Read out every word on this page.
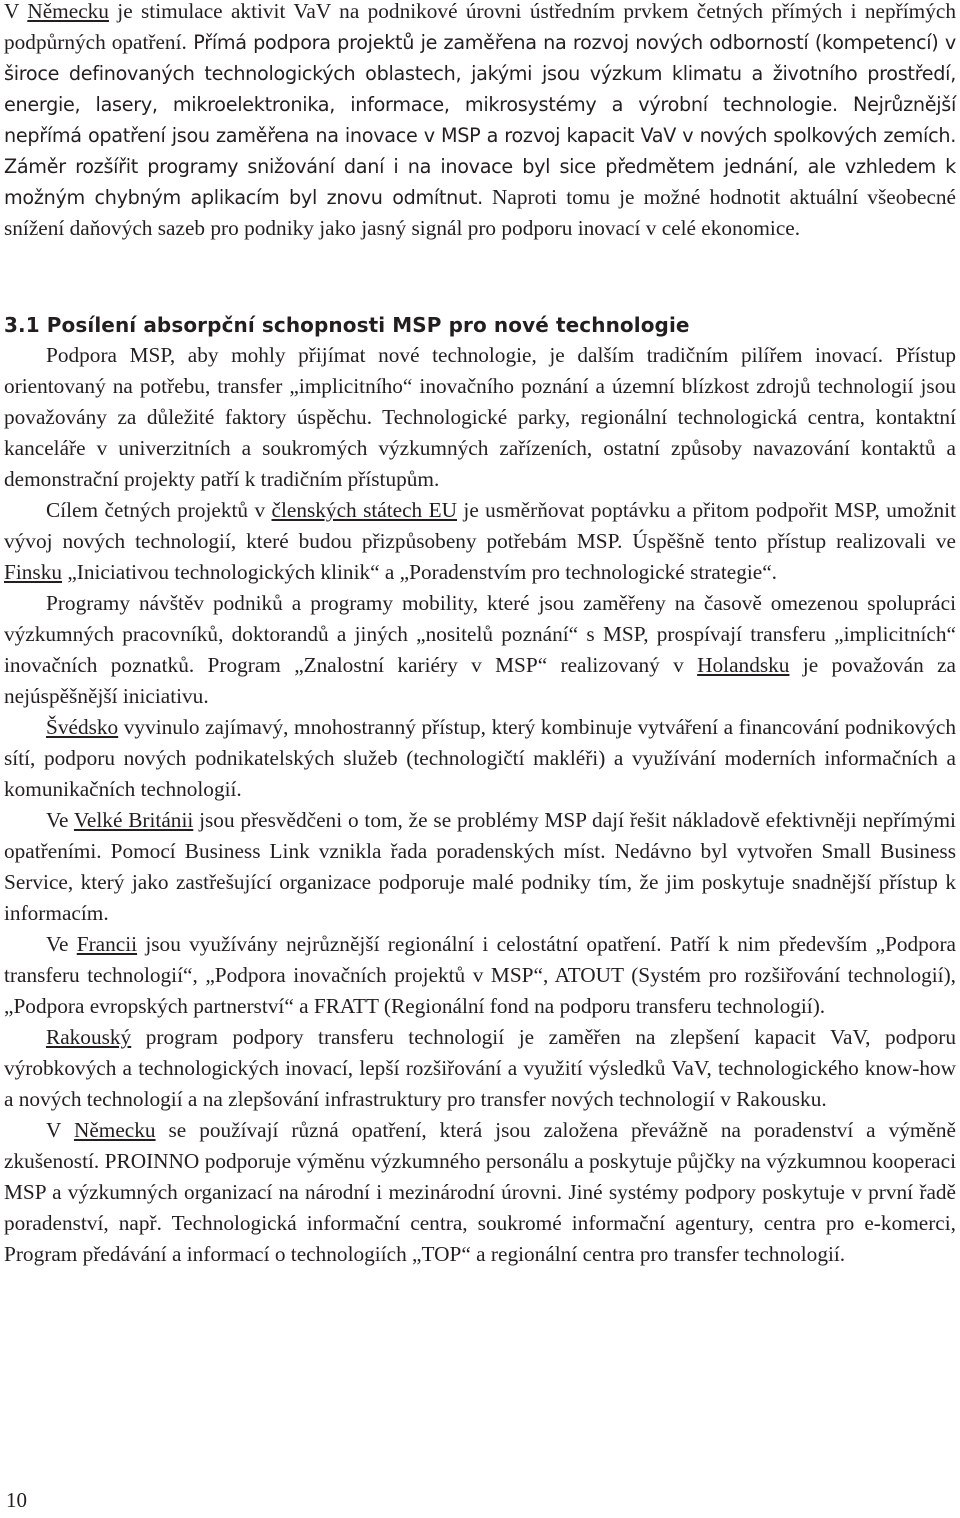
V Německu je stimulace aktivit VaV na podnikové úrovni ústředním prvkem četných přímých i nepřímých podpůrných opatření. Přímá podpora projektů je zaměřena na rozvoj nových odborností (kompetencí) v široce definovaných technologických oblastech, jakými jsou výzkum klimatu a životního prostředí, energie, lasery, mikroelektronika, informace, mikrosystémy a výrobní technologie. Nejrůznější nepřímá opatření jsou zaměřena na inovace v MSP a rozvoj kapacit VaV v nových spolkových zemích. Záměr rozšířit programy snižování daní i na inovace byl sice předmětem jednání, ale vzhledem k možným chybným aplikacím byl znovu odmítnut. Naproti tomu je možné hodnotit aktuální všeobecné snížení daňových sazeb pro podniky jako jasný signál pro podporu inovací v celé ekonomice.

3.1 Posílení absorpční schopnosti MSP pro nové technologie

Podpora MSP, aby mohly přijímat nové technologie, je dalším tradičním pilířem inovací. Přístup orientovaný na potřebu, transfer „implicitního“ inovačního poznání a územní blízkost zdrojů technologií jsou považovány za důležité faktory úspěchu. Technologické parky, regionální technologická centra, kontaktní kanceláře v univerzitních a soukromých výzkumných zařízeních, ostatní způsoby navazování kontaktů a demonstrační projekty patří k tradičním přístupům.

Cílem četných projektů v členských státech EU je usměrňovat poptávku a přitom podpořit MSP, umožnit vývoj nových technologií, které budou přizpůsobeny potřebám MSP. Úspěšně tento přístup realizovali ve Finsku „Iniciativou technologických klinik“ a „Poradenstvím pro technologické strategie“.

Programy návštěv podniků a programy mobility, které jsou zaměřeny na časově omezenou spolupráci výzkumných pracovníků, doktorandů a jiných „nositelů poznání“ s MSP, prospívají transferu „implicitních“ inovačních poznatků. Program „Znalostní kariéry v MSP“ realizovaný v Holandsku je považován za nejúspěšnější iniciativu.

Švédsko vyvinulo zajímavý, mnohostranný přístup, který kombinuje vytváření a financování podnikových sítí, podporu nových podnikatelských služeb (technologičtí makléři) a využívání moderních informačních a komunikačních technologií.

Ve Velké Británii jsou přesvědčeni o tom, že se problémy MSP dají řešit nákladově efektivněji nepřímými opatřeními. Pomocí Business Link vznikla řada poradenských míst. Nedávno byl vytvořen Small Business Service, který jako zastřešující organizace podporuje malé podniky tím, že jim poskytuje snadnější přístup k informacím.

Ve Francii jsou využívány nejrůznější regionální i celostátní opatření. Patří k nim především „Podpora transferu technologií“, „Podpora inovačních projektů v MSP“, ATOUT (Systém pro rozšiřování technologií), „Podpora evropských partnerství“ a FRATT (Regionální fond na podporu transferu technologií).

Rakouský program podpory transferu technologií je zaměřen na zlepšení kapacit VaV, podporu výrobkových a technologických inovací, lepší rozšiřování a využití výsledků VaV, technologického know-how a nových technologií a na zlepšování infrastruktury pro transfer nových technologií v Rakousku.

V Německu se používají různá opatření, která jsou založena převážně na poradenství a výměně zkušeností. PROINNO podporuje výměnu výzkumného personálu a poskytuje půjčky na výzkumnou kooperaci MSP a výzkumných organizací na národní i mezinárodní úrovni. Jiné systémy podpory poskytuje v první řadě poradenství, např. Technologická informační centra, soukromé informační agentury, centra pro e-komerci, Program předávání a informací o technologiích „TOP“ a regionální centra pro transfer technologií.

10
